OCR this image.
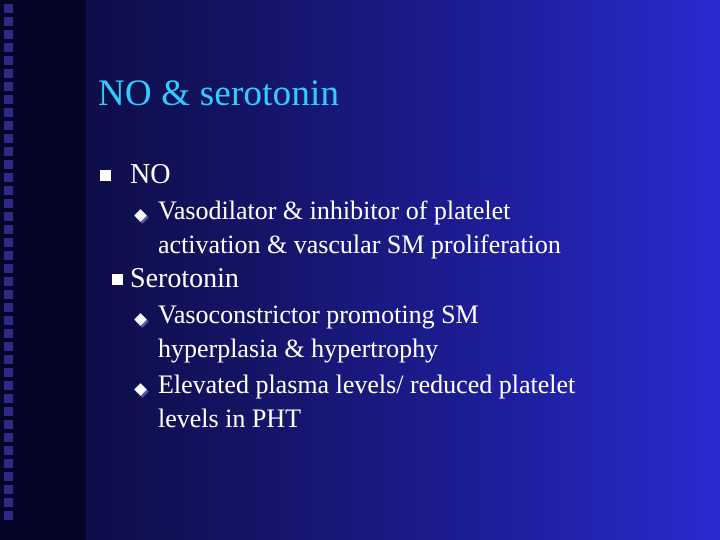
NO & serotonin
NO
Vasodilator & inhibitor of platelet
activation & vascular SM proliferation
Serotonin
Vasoconstrictor promoting SM
hyperplasia & hypertrophy
Elevated plasma levels/ reduced platelet
levels in PHT
